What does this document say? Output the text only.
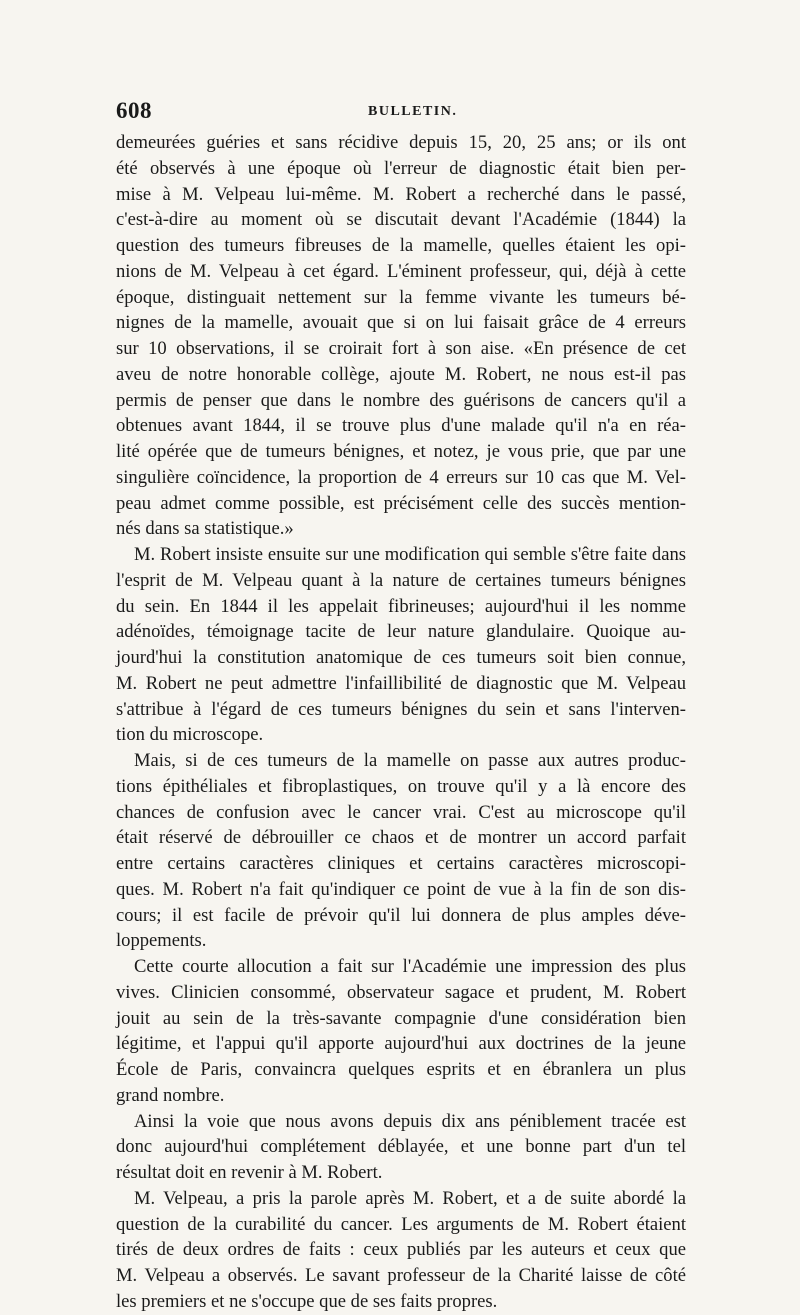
608	BULLETIN.

demeurées guéries et sans récidive depuis 15, 20, 25 ans; or ils ont

été observés à une époque où l'erreur de diagnostic était bien per-

mise à M. Velpeau lui-même. M. Robert a recherché dans le passé,

c'est-à-dire au moment où se discutait devant l'Académie (1844) la

question des tumeurs fibreuses de la mamelle, quelles étaient les opi-

nions de M. Velpeau à cet égard. L'éminent professeur, qui, déjà à cette

époque, distinguait nettement sur la femme vivante les tumeurs bé-

nignes de la mamelle, avouait que si on lui faisait grâce de 4 erreurs

sur 10 observations, il se croirait fort à son aise. «En présence de cet

aveu de notre honorable collège, ajoute M. Robert, ne nous est-il pas

permis de penser que dans le nombre des guérisons de cancers qu'il a

obtenues avant 1844, il se trouve plus d'une malade qu'il n'a en réa-

lité opérée que de tumeurs bénignes, et notez, je vous prie, que par une

singulière coïncidence, la proportion de 4 erreurs sur 10 cas que M. Vel-

peau admet comme possible, est précisément celle des succès mention-

nés dans sa statistique.»

M. Robert insiste ensuite sur une modification qui semble s'être faite dans

l'esprit de M. Velpeau quant à la nature de certaines tumeurs bénignes

du sein. En 1844 il les appelait fibrineuses; aujourd'hui il les nomme

adénoïdes, témoignage tacite de leur nature glandulaire. Quoique au-

jourd'hui la constitution anatomique de ces tumeurs soit bien connue,

M. Robert ne peut admettre l'infaillibilité de diagnostic que M. Velpeau

s'attribue à l'égard de ces tumeurs bénignes du sein et sans l'interven-

tion du microscope.

Mais, si de ces tumeurs de la mamelle on passe aux autres produc-

tions épithéliales et fibroplastiques, on trouve qu'il y a là encore des

chances de confusion avec le cancer vrai. C'est au microscope qu'il

était réservé de débrouiller ce chaos et de montrer un accord parfait

entre certains caractères cliniques et certains caractères microscopi-

ques. M. Robert n'a fait qu'indiquer ce point de vue à la fin de son dis-

cours; il est facile de prévoir qu'il lui donnera de plus amples déve-

loppements.

Cette courte allocution a fait sur l'Académie une impression des plus

vives. Clinicien consommé, observateur sagace et prudent, M. Robert

jouit au sein de la très-savante compagnie d'une considération bien

légitime, et l'appui qu'il apporte aujourd'hui aux doctrines de la jeune

École de Paris, convaincra quelques esprits et en ébranlera un plus

grand nombre.

Ainsi la voie que nous avons depuis dix ans péniblement tracée est

donc aujourd'hui complétement déblayée, et une bonne part d'un tel

résultat doit en revenir à M. Robert.

M. Velpeau, a pris la parole après M. Robert, et a de suite abordé la

question de la curabilité du cancer. Les arguments de M. Robert étaient

tirés de deux ordres de faits : ceux publiés par les auteurs et ceux que

M. Velpeau a observés. Le savant professeur de la Charité laisse de côté

les premiers et ne s'occupe que de ses faits propres.
